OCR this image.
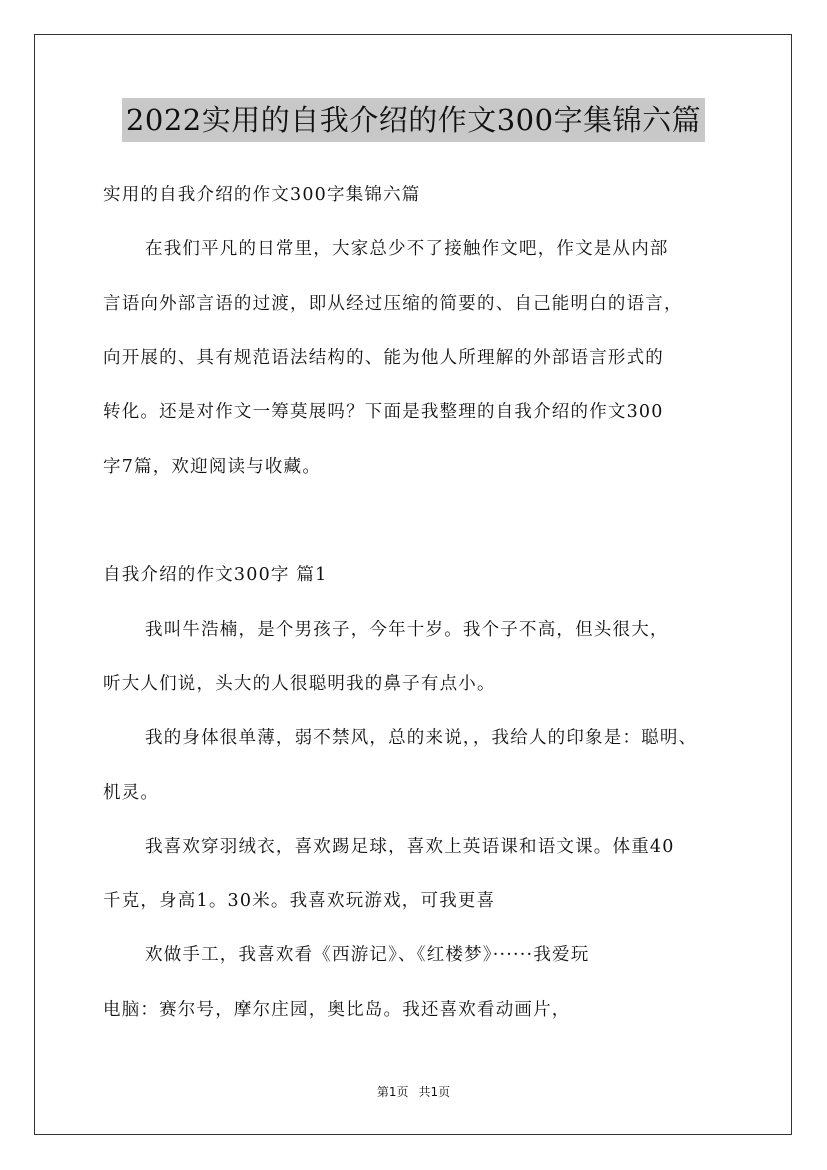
2022实用的自我介绍的作文300字集锦六篇
实用的自我介绍的作文300字集锦六篇
在我们平凡的日常里，大家总少不了接触作文吧，作文是从内部
言语向外部言语的过渡，即从经过压缩的简要的、自己能明白的语言，
向开展的、具有规范语法结构的、能为他人所理解的外部语言形式的
转化。还是对作文一筹莫展吗？下面是我整理的自我介绍的作文300
字7篇，欢迎阅读与收藏。
自我介绍的作文300字 篇1
我叫牛浩楠，是个男孩子，今年十岁。我个子不高，但头很大，
听大人们说，头大的人很聪明我的鼻子有点小。
我的身体很单薄，弱不禁风，总的来说，，我给人的印象是：聪明、
机灵。
我喜欢穿羽绒衣，喜欢踢足球，喜欢上英语课和语文课。体重40
千克，身高1。30米。我喜欢玩游戏，可我更喜
欢做手工，我喜欢看《西游记》、《红楼梦》······我爱玩
电脑：赛尔号，摩尔庄园，奥比岛。我还喜欢看动画片，
第1页 共1页
